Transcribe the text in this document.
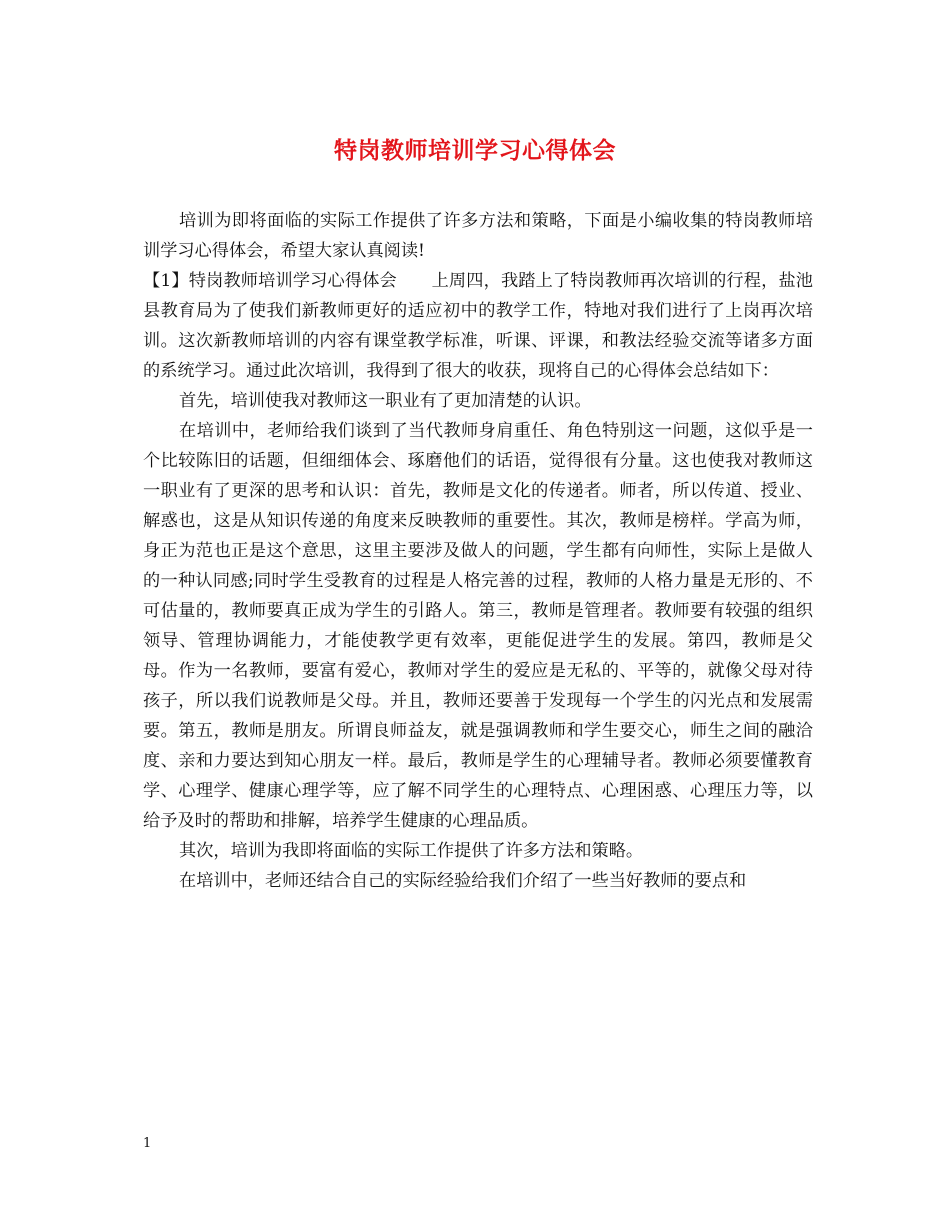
特岗教师培训学习心得体会

培训为即将面临的实际工作提供了许多方法和策略，下面是小编收集的特岗教师培训学习心得体会，希望大家认真阅读!

【1】特岗教师培训学习心得体会　　上周四，我踏上了特岗教师再次培训的行程，盐池县教育局为了使我们新教师更好的适应初中的教学工作，特地对我们进行了上岗再次培训。这次新教师培训的内容有课堂教学标准，听课、评课，和教法经验交流等诸多方面的系统学习。通过此次培训，我得到了很大的收获，现将自己的心得体会总结如下：

首先，培训使我对教师这一职业有了更加清楚的认识。

在培训中，老师给我们谈到了当代教师身肩重任、角色特别这一问题，这似乎是一个比较陈旧的话题，但细细体会、琢磨他们的话语，觉得很有分量。这也使我对教师这一职业有了更深的思考和认识：首先，教师是文化的传递者。师者，所以传道、授业、解惑也，这是从知识传递的角度来反映教师的重要性。其次，教师是榜样。学高为师，身正为范也正是这个意思，这里主要涉及做人的问题，学生都有向师性，实际上是做人的一种认同感;同时学生受教育的过程是人格完善的过程，教师的人格力量是无形的、不可估量的，教师要真正成为学生的引路人。第三，教师是管理者。教师要有较强的组织领导、管理协调能力，才能使教学更有效率，更能促进学生的发展。第四，教师是父母。作为一名教师，要富有爱心，教师对学生的爱应是无私的、平等的，就像父母对待孩子，所以我们说教师是父母。并且，教师还要善于发现每一个学生的闪光点和发展需要。第五，教师是朋友。所谓良师益友，就是强调教师和学生要交心，师生之间的融洽度、亲和力要达到知心朋友一样。最后，教师是学生的心理辅导者。教师必须要懂教育学、心理学、健康心理学等，应了解不同学生的心理特点、心理困惑、心理压力等，以给予及时的帮助和排解，培养学生健康的心理品质。

其次，培训为我即将面临的实际工作提供了许多方法和策略。

在培训中，老师还结合自己的实际经验给我们介绍了一些当好教师的要点和

1
